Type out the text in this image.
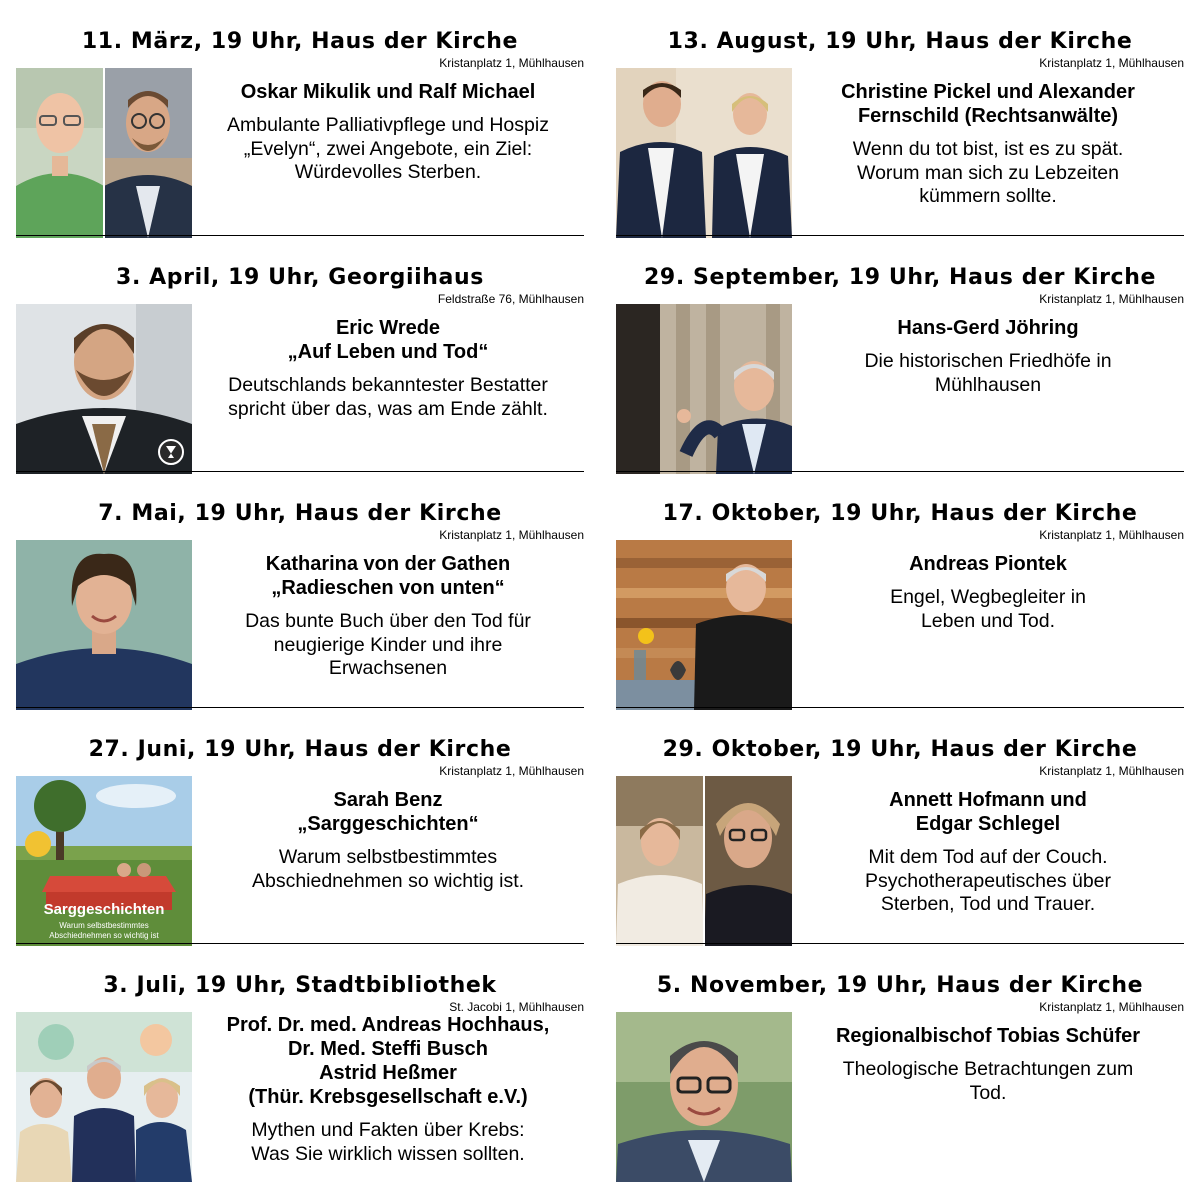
11. März, 19 Uhr, Haus der Kirche
Kristanplatz 1, Mühlhausen
Oskar Mikulik und Ralf Michael
Ambulante Palliativpflege und Hospiz
„Evelyn“, zwei Angebote, ein Ziel:
Würdevolles Sterben.
3. April, 19 Uhr, Georgiihaus
Feldstraße 76, Mühlhausen
Eric Wrede
„Auf Leben und Tod“
Deutschlands bekanntester Bestatter
spricht über das, was am Ende zählt.
7. Mai, 19 Uhr, Haus der Kirche
Kristanplatz 1, Mühlhausen
Katharina von der Gathen
„Radieschen von unten“
Das bunte Buch über den Tod für
neugierige Kinder und ihre
Erwachsenen
27. Juni, 19 Uhr, Haus der Kirche
Kristanplatz 1, Mühlhausen
Sarggeschichten
Warum selbstbestimmtes
Abschiednehmen so wichtig ist
Sarah Benz
„Sarggeschichten“
Warum selbstbestimmtes
Abschiednehmen so wichtig ist.
3. Juli, 19 Uhr, Stadtbibliothek
St. Jacobi 1, Mühlhausen
Prof. Dr. med. Andreas Hochhaus,
Dr. Med. Steffi Busch
Astrid Heßmer
(Thür. Krebsgesellschaft e.V.)
Mythen und Fakten über Krebs:
Was Sie wirklich wissen sollten.
13. August, 19 Uhr, Haus der Kirche
Kristanplatz 1, Mühlhausen
Christine Pickel und Alexander
Fernschild (Rechtsanwälte)
Wenn du tot bist, ist es zu spät.
Worum man sich zu Lebzeiten
kümmern sollte.
29. September, 19 Uhr, Haus der Kirche
Kristanplatz 1, Mühlhausen
Hans-Gerd Jöhring
Die historischen Friedhöfe in
Mühlhausen
17. Oktober, 19 Uhr, Haus der Kirche
Kristanplatz 1, Mühlhausen
Andreas Piontek
Engel, Wegbegleiter in
Leben und Tod.
29. Oktober, 19 Uhr, Haus der Kirche
Kristanplatz 1, Mühlhausen
Annett Hofmann und
Edgar Schlegel
Mit dem Tod auf der Couch.
Psychotherapeutisches über
Sterben, Tod und Trauer.
5. November, 19 Uhr, Haus der Kirche
Kristanplatz 1, Mühlhausen
Regionalbischof Tobias Schüfer
Theologische Betrachtungen zum
Tod.
